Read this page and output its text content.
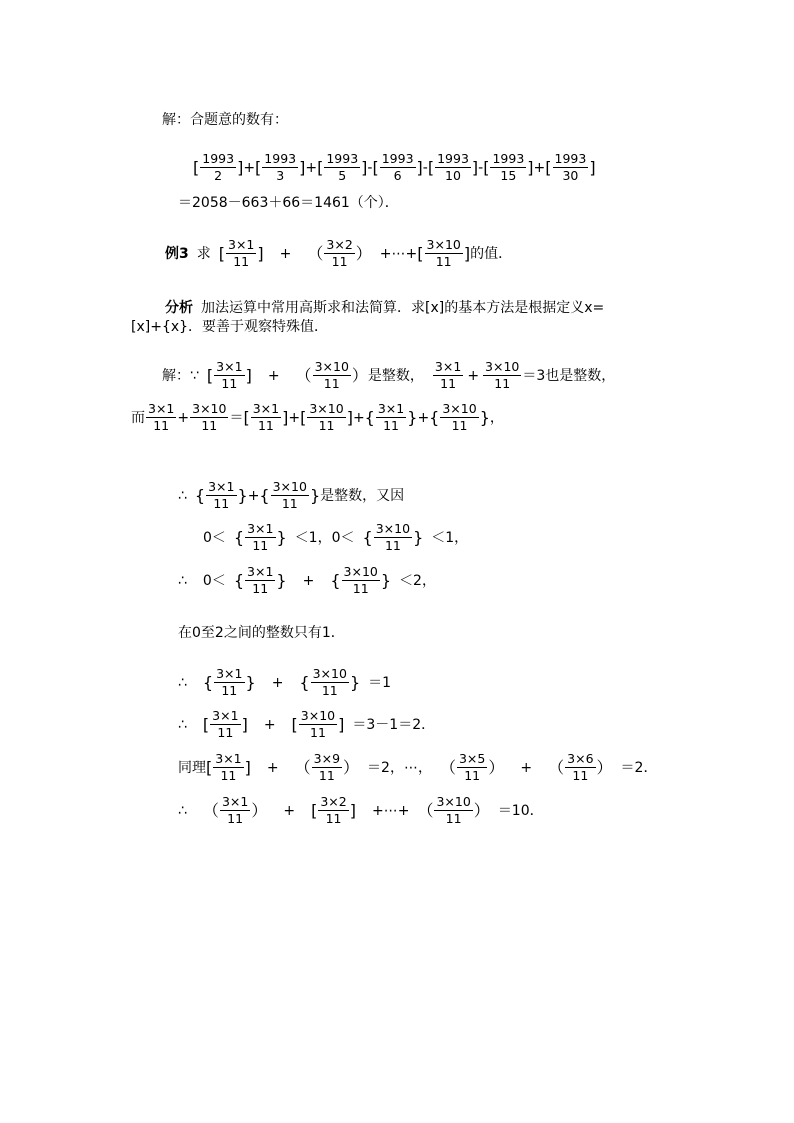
解：合题意的数有：
[ $\frac{1993}{2}$ ] + [ $\frac{1993}{3}$ ] + [ $\frac{1993}{5}$ ] - [ $\frac{1993}{6}$ ] - [ $\frac{1993}{10}$ ] - [ $\frac{1993}{15}$ ] + [ $\frac{1993}{30}$ ]
＝2058－663＋66＝1461（个）．
例3 求 [ $\frac{3\times 1}{11}$ ] + （ $\frac{3\times 2}{11}$ ） +⋯+ [ $\frac{3\times 10}{11}$ ] 的值．
分析 加法运算中常用高斯求和法简算．求[x]的基本方法是根据定义x=
[x]+{x}．要善于观察特殊值．
解：∵ [ $\frac{3\times 1}{11}$ ] + （ $\frac{3\times 10}{11}$ ） 是整数， $\frac{3\times 1}{11} + \frac{3\times 10}{11} =3$也是整数，
而 $\frac{3\times 1}{11} + \frac{3\times 10}{11}$ ＝ [ $\frac{3\times 1}{11}$ ] + [ $\frac{3\times 10}{11}$ ] + { $\frac{3\times 1}{11}$ } + { $\frac{3\times 10}{11}$ } ，
∴ { $\frac{3\times 1}{11}$ } + { $\frac{3\times 10}{11}$ } 是整数，又因
0＜ { $\frac{3\times 1}{11}$ } ＜1， 0＜ { $\frac{3\times 10}{11}$ } ＜1，
∴ 0＜ { $\frac{3\times 1}{11}$ } + { $\frac{3\times 10}{11}$ } ＜2，
在0至2之间的整数只有1．
∴ { $\frac{3\times 1}{11}$ } + { $\frac{3\times 10}{11}$ } ＝1
∴ [ $\frac{3\times 1}{11}$ ] + [ $\frac{3\times 10}{11}$ ] ＝3－1＝2．
同理 [ $\frac{3\times 1}{11}$ ] + （ $\frac{3\times 9}{11}$ ） ＝2，⋯， （ $\frac{3\times 5}{11}$ ） + （ $\frac{3\times 6}{11}$ ） ＝2．
∴ （ $\frac{3\times 1}{11}$ ） + [ $\frac{3\times 2}{11}$ ] +⋯+ （ $\frac{3\times 10}{11}$ ） ＝10．
